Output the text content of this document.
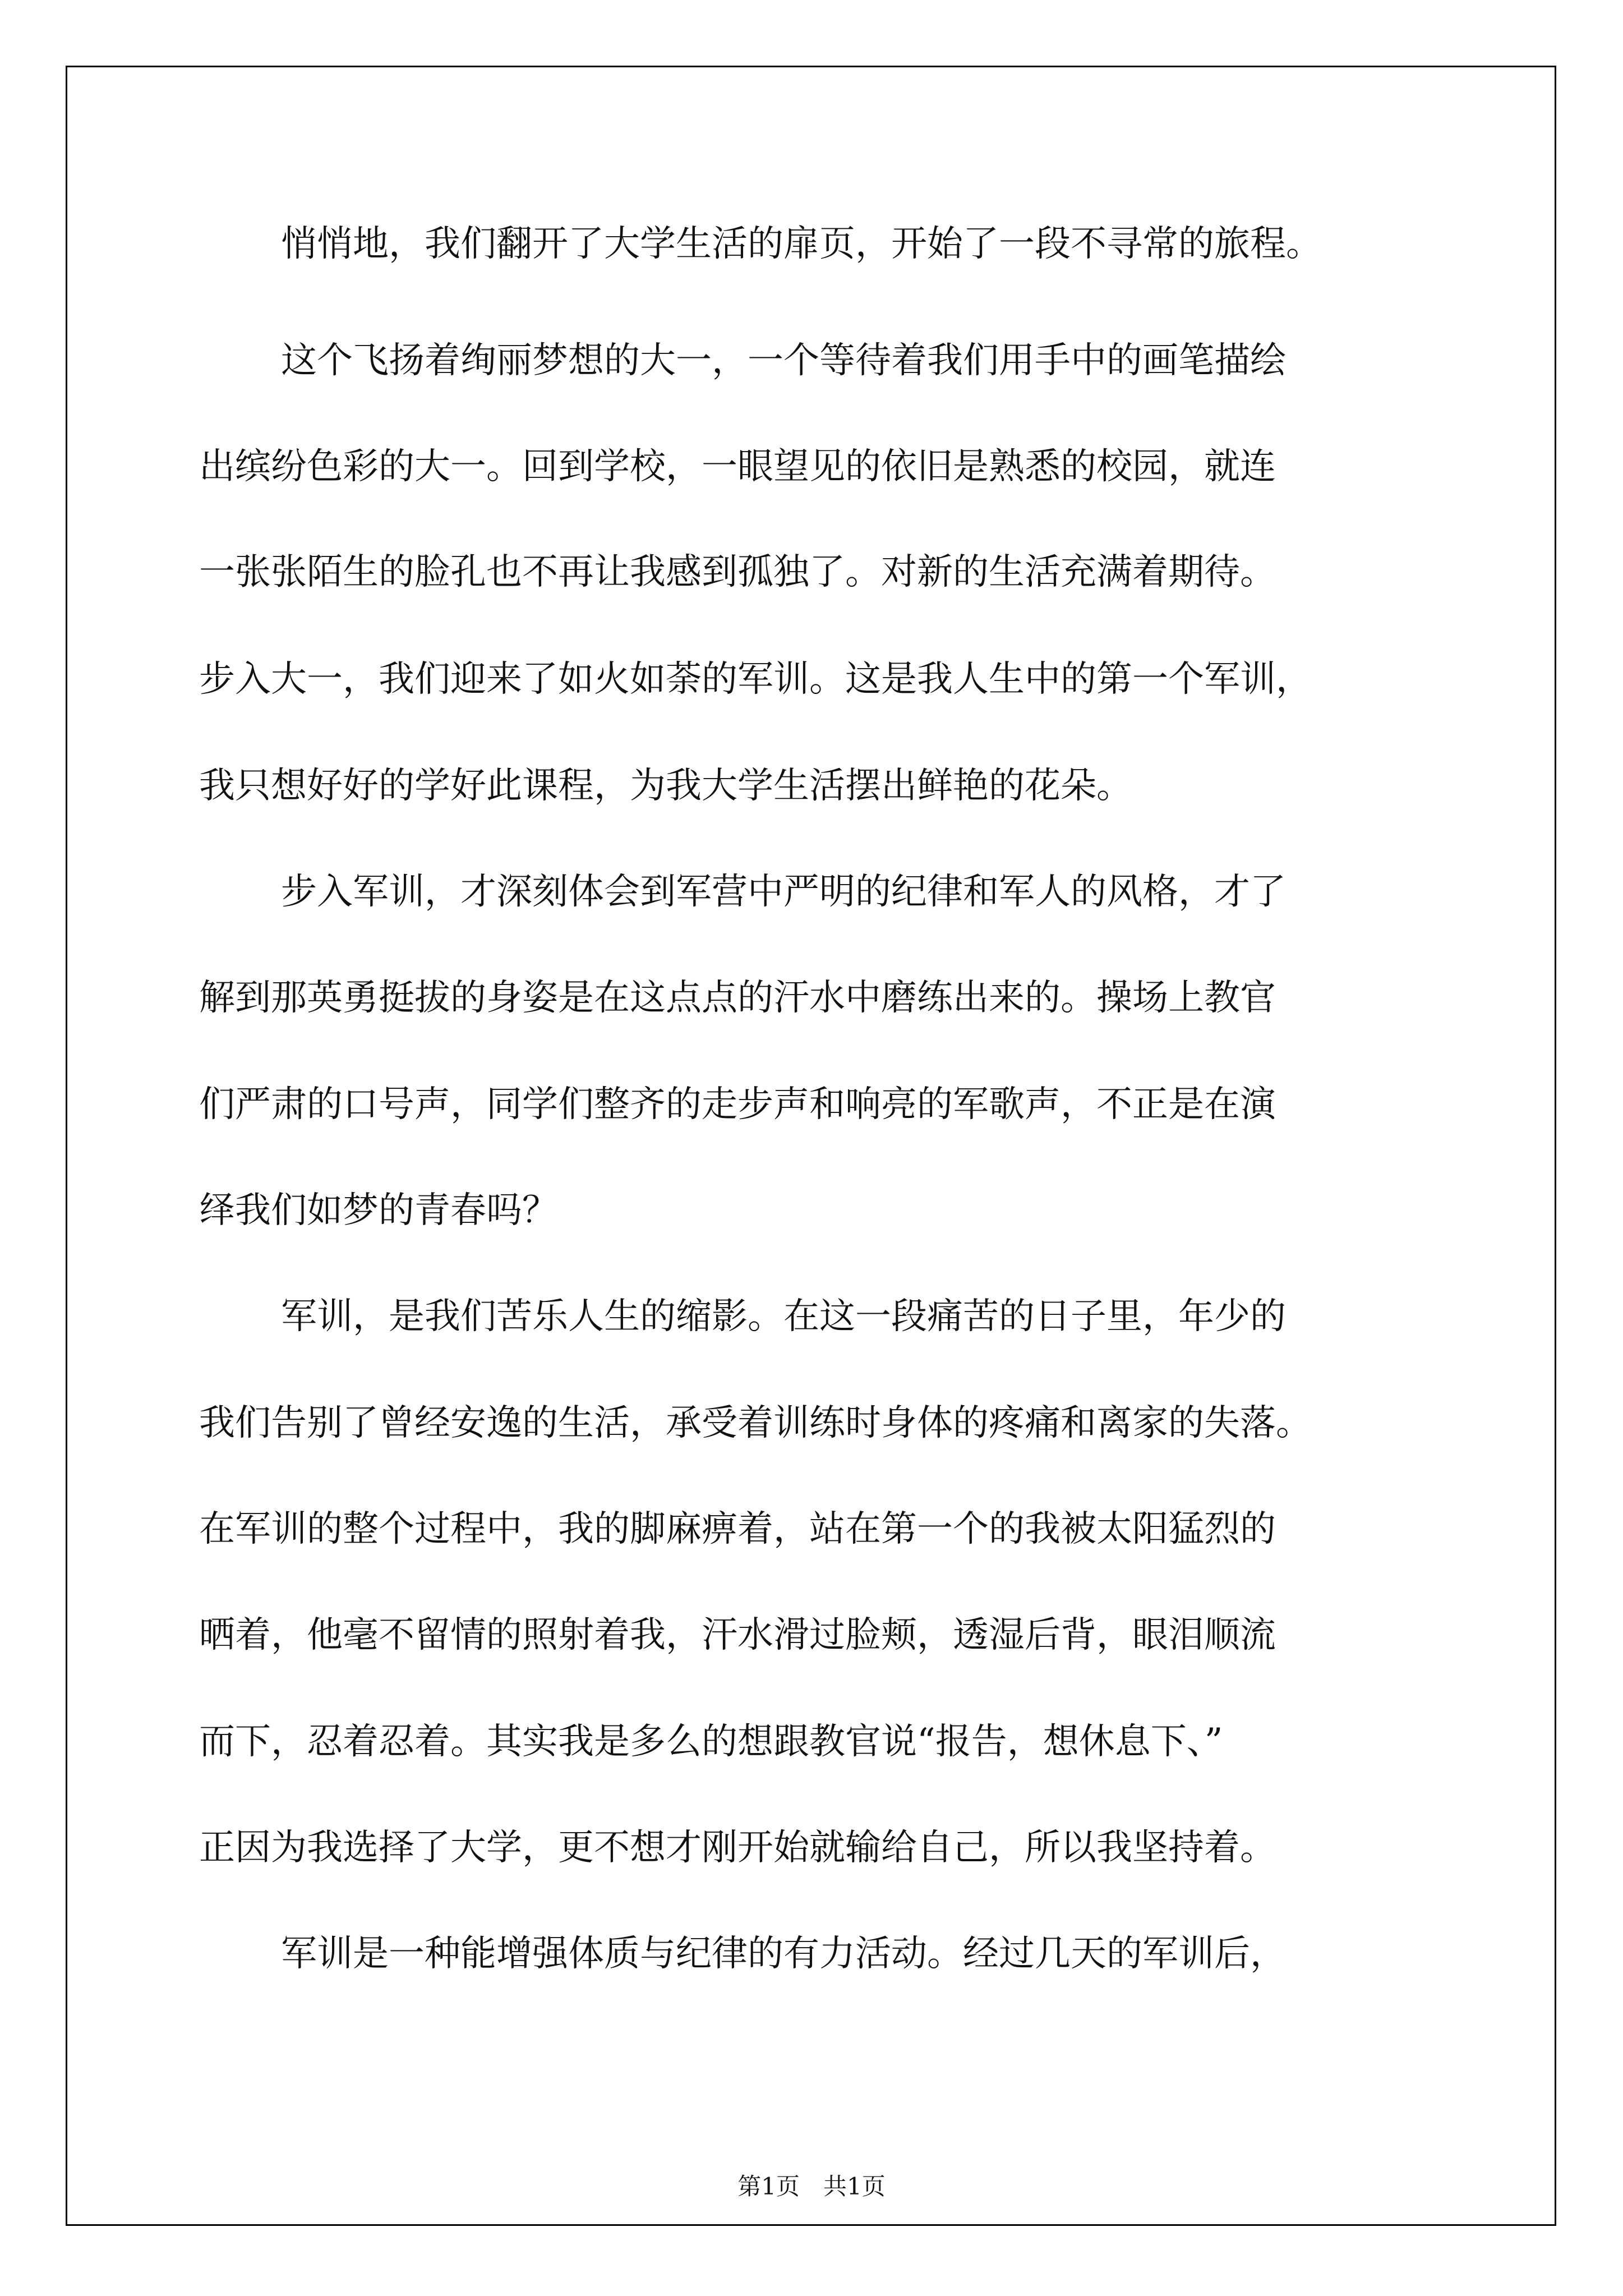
悄悄地，我们翻开了大学生活的扉页，开始了一段不寻常的旅程。
这个飞扬着绚丽梦想的大一，一个等待着我们用手中的画笔描绘
出缤纷色彩的大一。回到学校，一眼望见的依旧是熟悉的校园，就连
一张张陌生的脸孔也不再让我感到孤独了。对新的生活充满着期待。
步入大一，我们迎来了如火如荼的军训。这是我人生中的第一个军训，
我只想好好的学好此课程，为我大学生活摆出鲜艳的花朵。
步入军训，才深刻体会到军营中严明的纪律和军人的风格，才了
解到那英勇挺拔的身姿是在这点点的汗水中磨练出来的。操场上教官
们严肃的口号声，同学们整齐的走步声和响亮的军歌声，不正是在演
绎我们如梦的青春吗？
军训，是我们苦乐人生的缩影。在这一段痛苦的日子里，年少的
我们告别了曾经安逸的生活，承受着训练时身体的疼痛和离家的失落。
在军训的整个过程中，我的脚麻痹着，站在第一个的我被太阳猛烈的
晒着，他毫不留情的照射着我，汗水滑过脸颊，透湿后背，眼泪顺流
而下，忍着忍着。其实我是多么的想跟教官说“报告，想休息下、”
正因为我选择了大学，更不想才刚开始就输给自己，所以我坚持着。
军训是一种能增强体质与纪律的有力活动。经过几天的军训后，
第1页　共1页
